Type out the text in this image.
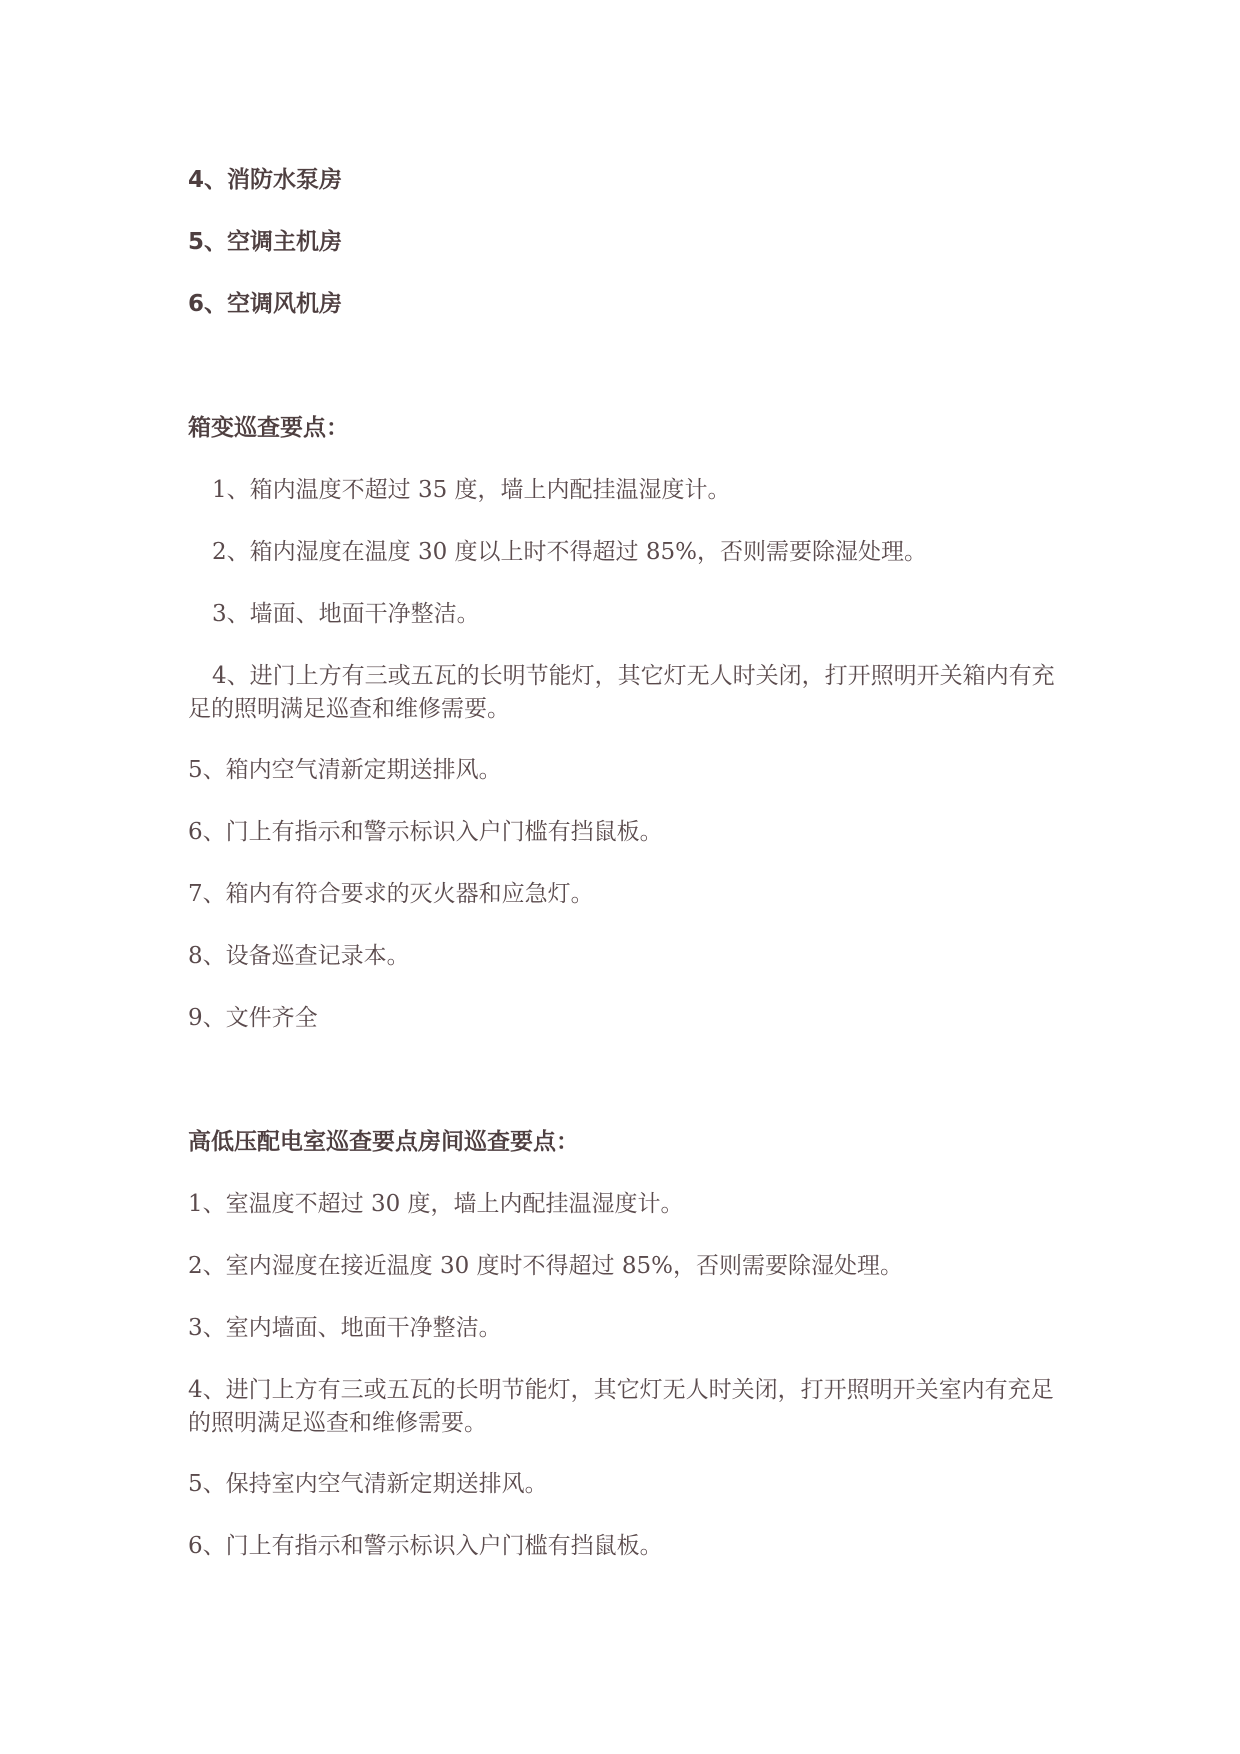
4、消防水泵房

5、空调主机房

6、空调风机房

箱变巡查要点：

1、箱内温度不超过 35 度，墙上内配挂温湿度计。

2、箱内湿度在温度 30 度以上时不得超过 85%，否则需要除湿处理。

3、墙面、地面干净整洁。

4、进门上方有三或五瓦的长明节能灯，其它灯无人时关闭，打开照明开关箱内有充足的照明满足巡查和维修需要。

5、箱内空气清新定期送排风。

6、门上有指示和警示标识入户门槛有挡鼠板。

7、箱内有符合要求的灭火器和应急灯。

8、设备巡查记录本。

9、文件齐全

高低压配电室巡查要点房间巡查要点：

1、室温度不超过 30 度，墙上内配挂温湿度计。

2、室内湿度在接近温度 30 度时不得超过 85%，否则需要除湿处理。

3、室内墙面、地面干净整洁。

4、进门上方有三或五瓦的长明节能灯，其它灯无人时关闭，打开照明开关室内有充足的照明满足巡查和维修需要。

5、保持室内空气清新定期送排风。

6、门上有指示和警示标识入户门槛有挡鼠板。
